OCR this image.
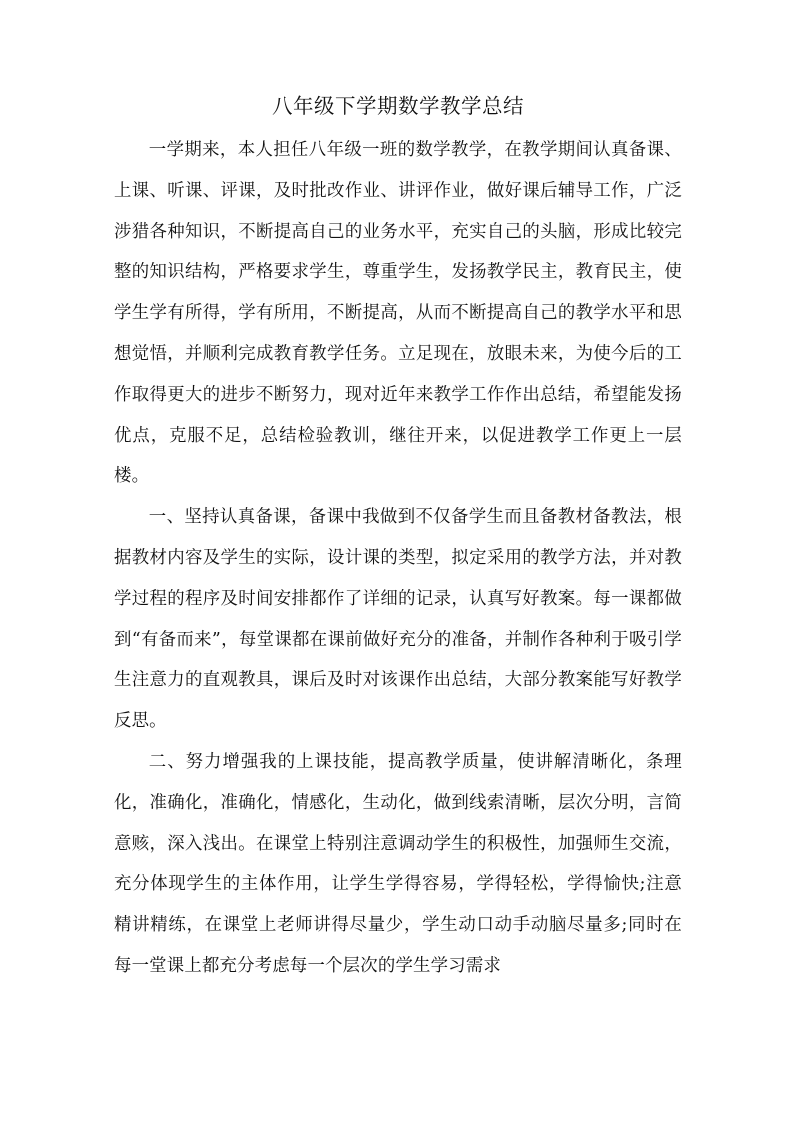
八年级下学期数学教学总结

一学期来，本人担任八年级一班的数学教学，在教学期间认真备课、上课、听课、评课，及时批改作业、讲评作业，做好课后辅导工作，广泛涉猎各种知识，不断提高自己的业务水平，充实自己的头脑，形成比较完整的知识结构，严格要求学生，尊重学生，发扬教学民主，教育民主，使学生学有所得，学有所用，不断提高，从而不断提高自己的教学水平和思想觉悟，并顺利完成教育教学任务。立足现在，放眼未来，为使今后的工作取得更大的进步不断努力，现对近年来教学工作作出总结，希望能发扬优点，克服不足，总结检验教训，继往开来，以促进教学工作更上一层楼。

一、坚持认真备课，备课中我做到不仅备学生而且备教材备教法，根据教材内容及学生的实际，设计课的类型，拟定采用的教学方法，并对教学过程的程序及时间安排都作了详细的记录，认真写好教案。每一课都做到“有备而来”，每堂课都在课前做好充分的准备，并制作各种利于吸引学生注意力的直观教具，课后及时对该课作出总结，大部分教案能写好教学反思。

二、努力增强我的上课技能，提高教学质量，使讲解清晰化，条理化，准确化，准确化，情感化，生动化，做到线索清晰，层次分明，言简意赅，深入浅出。在课堂上特别注意调动学生的积极性，加强师生交流，充分体现学生的主体作用，让学生学得容易，学得轻松，学得愉快;注意精讲精练，在课堂上老师讲得尽量少，学生动口动手动脑尽量多;同时在每一堂课上都充分考虑每一个层次的学生学习需求
